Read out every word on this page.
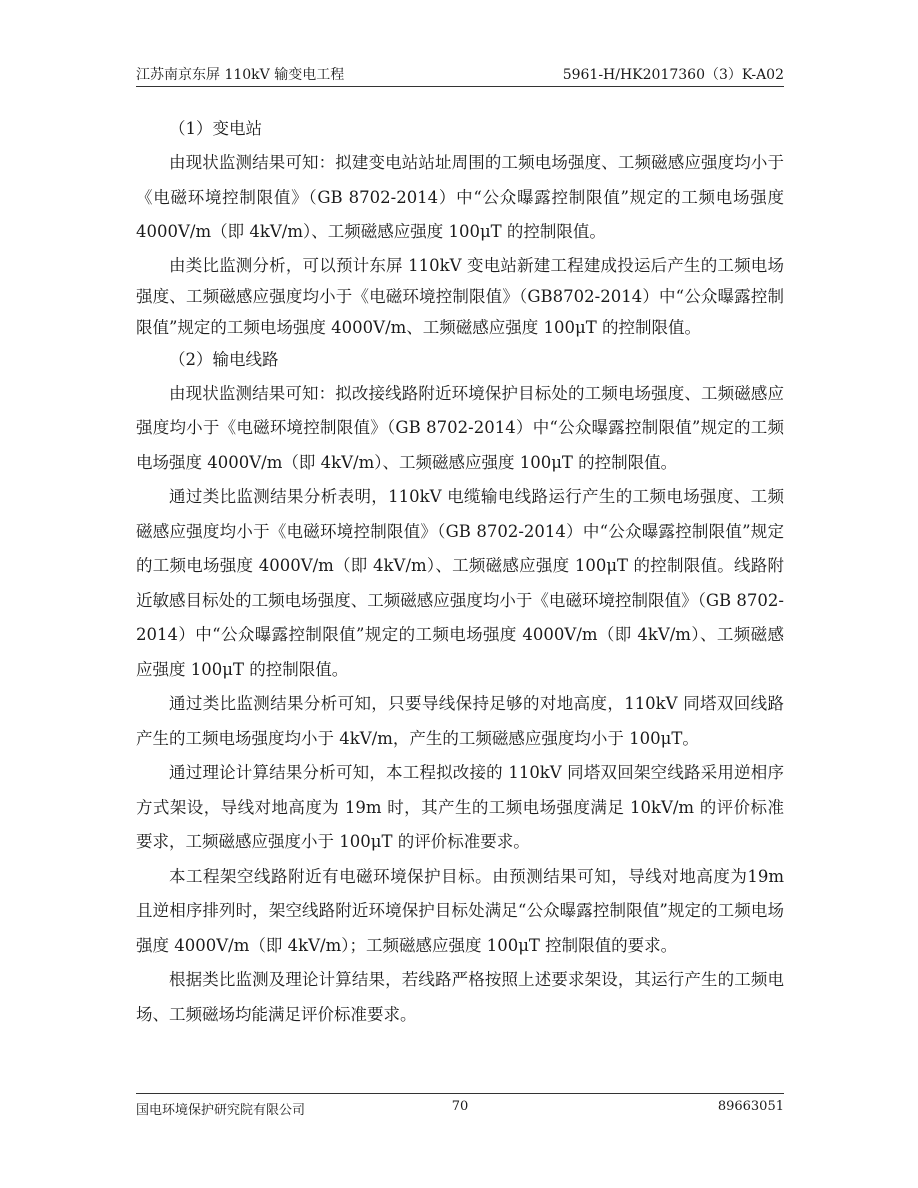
江苏南京东屏 110kV 输变电工程	5961-H/HK2017360（3）K-A02

（1）变电站

由现状监测结果可知：拟建变电站站址周围的工频电场强度、工频磁感应强度均小于《电磁环境控制限值》（GB 8702-2014）中“公众曝露控制限值”规定的工频电场强度 4000V/m（即 4kV/m）、工频磁感应强度 100μT 的控制限值。

由类比监测分析，可以预计东屏 110kV 变电站新建工程建成投运后产生的工频电场强度、工频磁感应强度均小于《电磁环境控制限值》（GB8702-2014）中“公众曝露控制限值”规定的工频电场强度 4000V/m、工频磁感应强度 100μT 的控制限值。

（2）输电线路

由现状监测结果可知：拟改接线路附近环境保护目标处的工频电场强度、工频磁感应强度均小于《电磁环境控制限值》（GB 8702-2014）中“公众曝露控制限值”规定的工频电场强度 4000V/m（即 4kV/m）、工频磁感应强度 100μT 的控制限值。

通过类比监测结果分析表明，110kV 电缆输电线路运行产生的工频电场强度、工频磁感应强度均小于《电磁环境控制限值》（GB 8702-2014）中“公众曝露控制限值”规定的工频电场强度 4000V/m（即 4kV/m）、工频磁感应强度 100μT 的控制限值。线路附近敏感目标处的工频电场强度、工频磁感应强度均小于《电磁环境控制限值》（GB 8702-2014）中“公众曝露控制限值”规定的工频电场强度 4000V/m（即 4kV/m）、工频磁感应强度 100μT 的控制限值。

通过类比监测结果分析可知，只要导线保持足够的对地高度，110kV 同塔双回线路产生的工频电场强度均小于 4kV/m，产生的工频磁感应强度均小于 100μT。

通过理论计算结果分析可知，本工程拟改接的 110kV 同塔双回架空线路采用逆相序方式架设，导线对地高度为 19m 时，其产生的工频电场强度满足 10kV/m 的评价标准要求，工频磁感应强度小于 100μT 的评价标准要求。

本工程架空线路附近有电磁环境保护目标。由预测结果可知，导线对地高度为19m 且逆相序排列时，架空线路附近环境保护目标处满足“公众曝露控制限值”规定的工频电场强度 4000V/m（即 4kV/m）；工频磁感应强度 100μT 控制限值的要求。

根据类比监测及理论计算结果，若线路严格按照上述要求架设，其运行产生的工频电场、工频磁场均能满足评价标准要求。

国电环境保护研究院有限公司	70	89663051
